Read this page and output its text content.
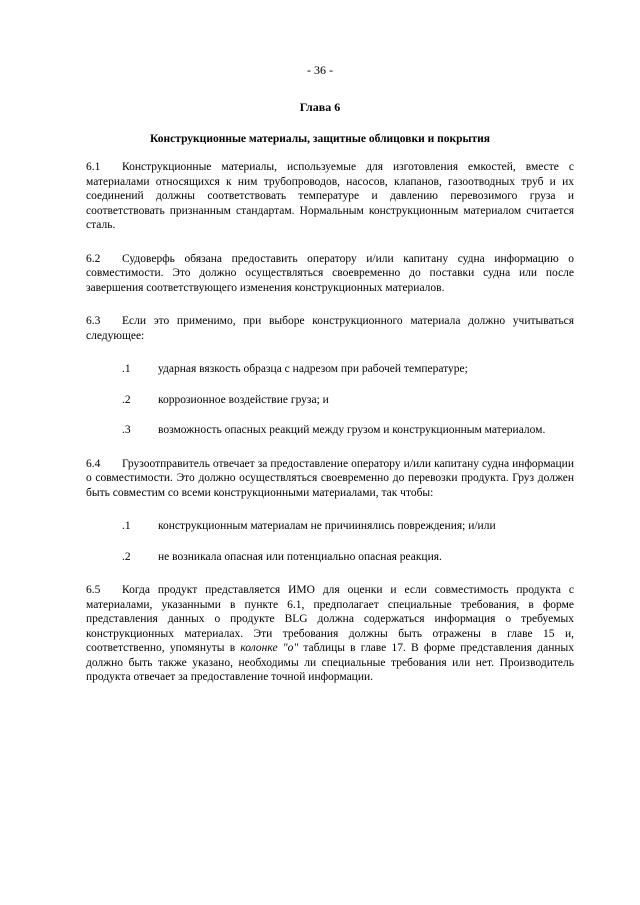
- 36 -
Глава 6
Конструкционные материалы, защитные облицовки и покрытия

6.1 Конструкционные материалы, используемые для изготовления емкостей, вместе с материалами относящихся к ним трубопроводов, насосов, клапанов, газоотводных труб и их соединений должны соответствовать температуре и давлению перевозимого груза и соответствовать признанным стандартам. Нормальным конструкционным материалом считается сталь.

6.2 Судоверфь обязана предоставить оператору и/или капитану судна информацию о совместимости. Это должно осуществляться своевременно до поставки судна или после завершения соответствующего изменения конструкционных материалов.

6.3 Если это применимо, при выборе конструкционного материала должно учитываться следующее:

.1 ударная вязкость образца с надрезом при рабочей температуре;
.2 коррозионное воздействие груза; и
.3 возможность опасных реакций между грузом и конструкционным материалом.

6.4 Грузоотправитель отвечает за предоставление оператору и/или капитану судна информации о совместимости. Это должно осуществляться своевременно до перевозки продукта. Груз должен быть совместим со всеми конструкционными материалами, так чтобы:

.1 конструкционным материалам не причиинялись повреждения; и/или
.2 не возникала опасная или потенциально опасная реакция.

6.5 Когда продукт представляется ИМО для оценки и если совместимость продукта с материалами, указанными в пункте 6.1, предполагает специальные требования, в форме представления данных о продукте BLG должна содержаться информация о требуемых конструкционных материалах. Эти требования должны быть отражены в главе 15 и, соответственно, упомянуты в колонке "о" таблицы в главе 17. В форме представления данных должно быть также указано, необходимы ли специальные требования или нет. Производитель продукта отвечает за предоставление точной информации.
